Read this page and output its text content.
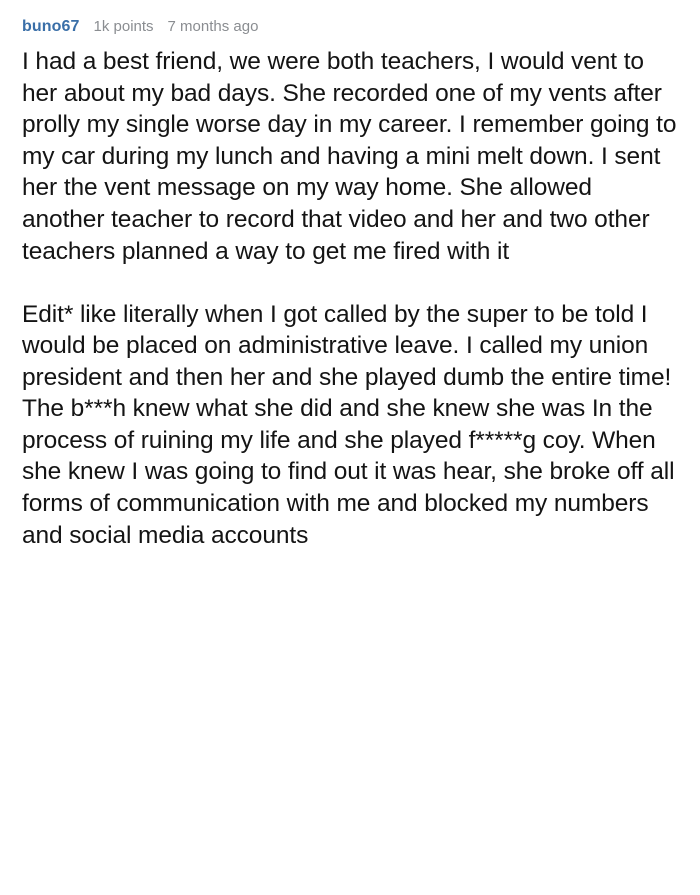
buno67 1k points 7 months ago

I had a best friend, we were both teachers, I would vent to her about my bad days. She recorded one of my vents after prolly my single worse day in my career. I remember going to my car during my lunch and having a mini melt down. I sent her the vent message on my way home. She allowed another teacher to record that video and her and two other teachers planned a way to get me fired with it

Edit* like literally when I got called by the super to be told I would be placed on administrative leave. I called my union president and then her and she played dumb the entire time! The b***h knew what she did and she knew she was In the process of ruining my life and she played f*****g coy. When she knew I was going to find out it was hear, she broke off all forms of communication with me and blocked my numbers and social media accounts
